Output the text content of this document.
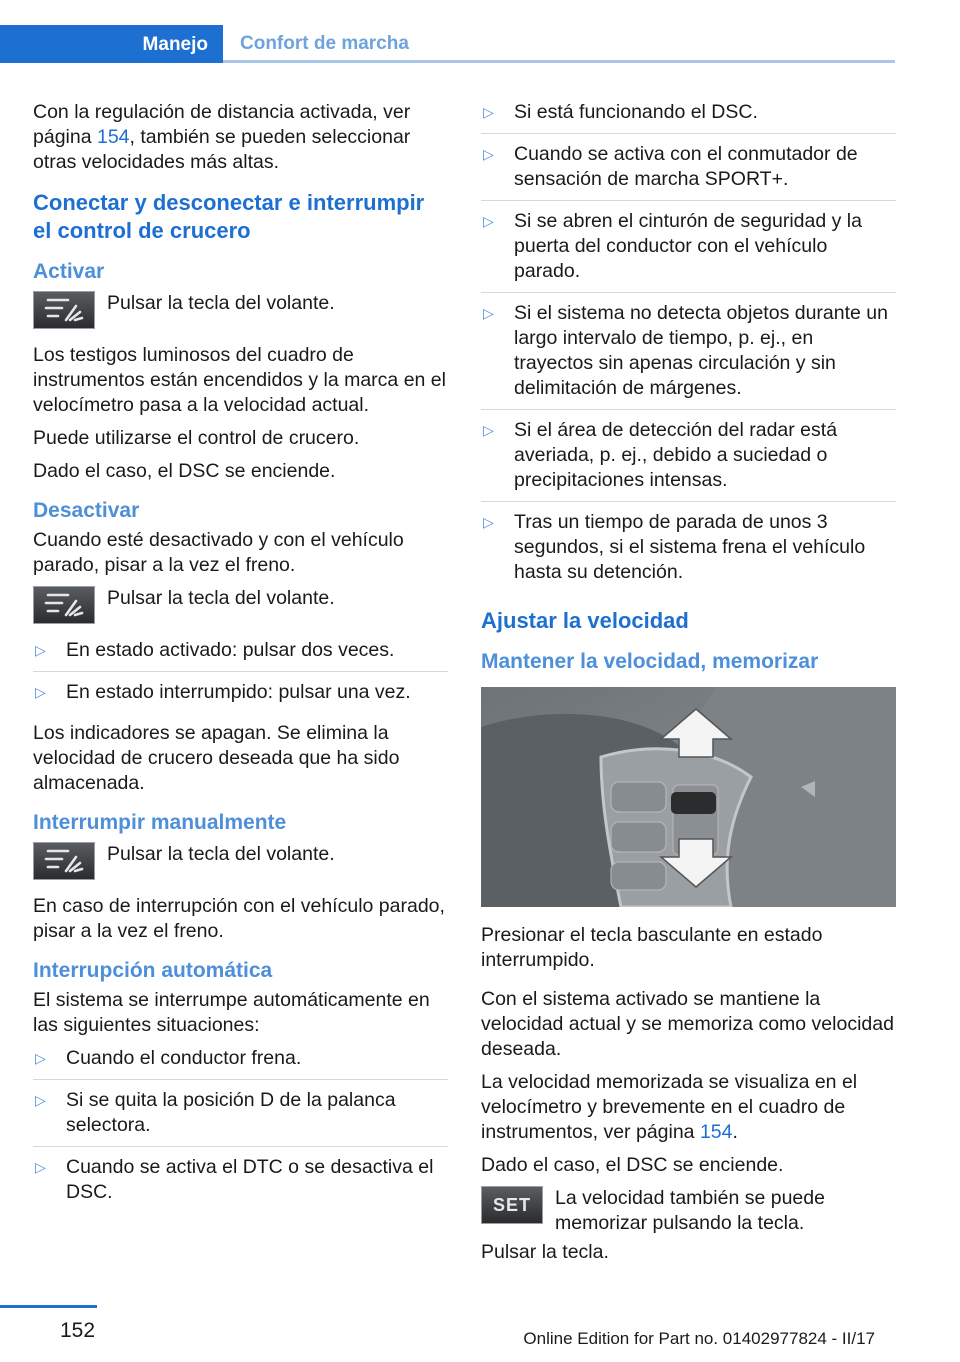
Manejo Confort de marcha

Con la regulación de distancia activada, ver página 154, también se pueden seleccionar otras velocidades más altas.

Conectar y desconectar e interrumpir el control de crucero
Activar
Pulsar la tecla del volante.

Los testigos luminosos del cuadro de instrumentos están encendidos y la marca en el velocímetro pasa a la velocidad actual.

Puede utilizarse el control de crucero.

Dado el caso, el DSC se enciende.

Desactivar

Cuando esté desactivado y con el vehículo parado, pisar a la vez el freno.

Pulsar la tecla del volante.
▷ En estado activado: pulsar dos veces.
▷ En estado interrumpido: pulsar una vez.

Los indicadores se apagan. Se elimina la velocidad de crucero deseada que ha sido almacenada.

Interrumpir manualmente
Pulsar la tecla del volante.

En caso de interrupción con el vehículo parado, pisar a la vez el freno.

Interrupción automática

El sistema se interrumpe automáticamente en las siguientes situaciones:

▷ Cuando el conductor frena.
▷ Si se quita la posición D de la palanca selectora.
▷ Cuando se activa el DTC o se desactiva el DSC.
▷ Si está funcionando el DSC.
▷ Cuando se activa con el conmutador de sensación de marcha SPORT+.
▷ Si se abren el cinturón de seguridad y la puerta del conductor con el vehículo parado.
▷ Si el sistema no detecta objetos durante un largo intervalo de tiempo, p. ej., en trayectos sin apenas circulación y sin delimitación de márgenes.
▷ Si el área de detección del radar está averiada, p. ej., debido a suciedad o precipitaciones intensas.
▷ Tras un tiempo de parada de unos 3 segundos, si el sistema frena el vehículo hasta su detención.
Ajustar la velocidad
Mantener la velocidad, memorizar

Presionar el tecla basculante en estado interrumpido.

Con el sistema activado se mantiene la velocidad actual y se memoriza como velocidad deseada.

La velocidad memorizada se visualiza en el velocímetro y brevemente en el cuadro de instrumentos, ver página 154.

Dado el caso, el DSC se enciende.

SET	La velocidad también se puede memorizar pulsando la tecla.

Pulsar la tecla.

152	Online Edition for Part no. 01402977824 - II/17
